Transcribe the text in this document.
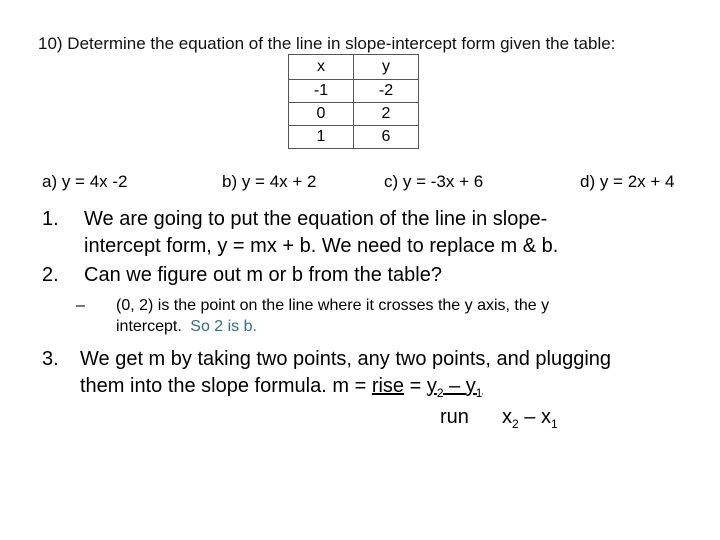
10) Determine the equation of the line in slope-intercept form given the table:
x	y
-1	-2
0	2
1	6
a) y = 4x -2	b) y = 4x + 2	c) y = -3x + 6	d) y = 2x + 4
1. We are going to put the equation of the line in slope-
intercept form, y = mx + b. We need to replace m & b.
2. Can we figure out m or b from the table?
– (0, 2) is the point on the line where it crosses the y axis, the y
intercept. So 2 is b.
3. We get m by taking two points, any two points, and plugging
them into the slope formula. m = rise = $y_2 - y_1$
run $x_2 - x_1$
